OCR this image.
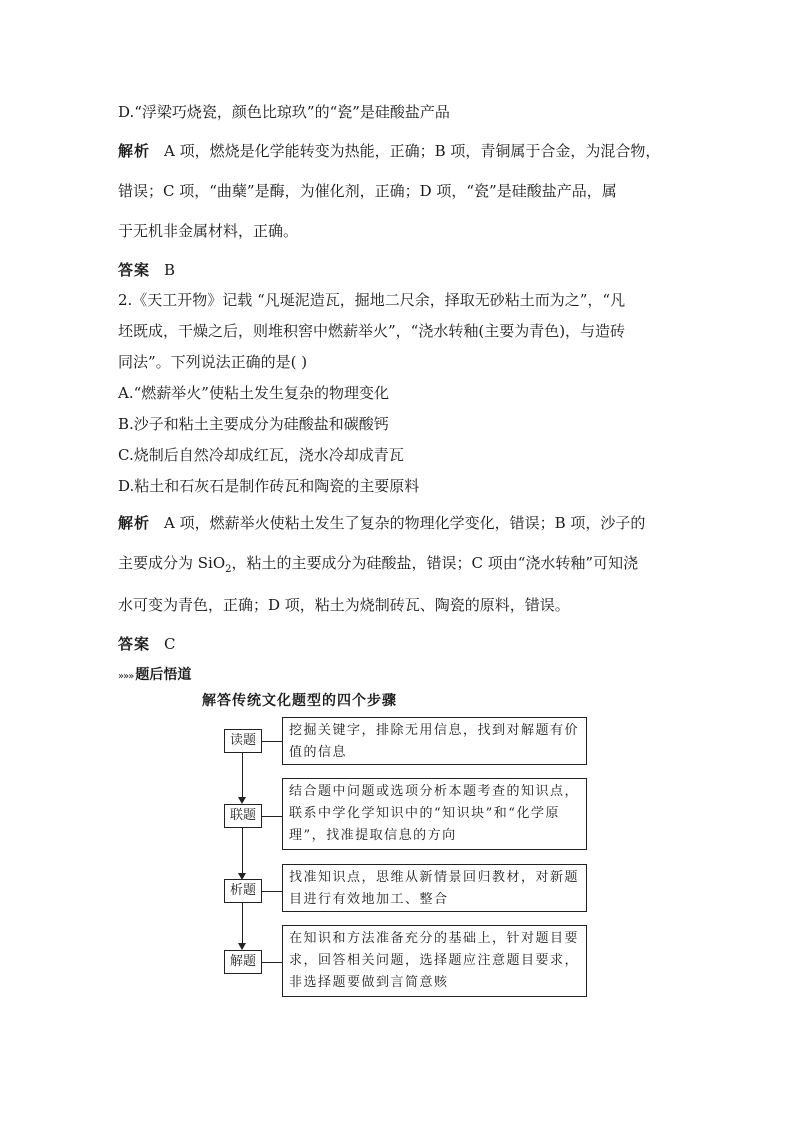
D.“浮梁巧烧瓷，颜色比琼玖”的“瓷”是硅酸盐产品
解析 A 项，燃烧是化学能转变为热能，正确；B 项，青铜属于合金，为混合物，
错误；C 项，“曲蘖”是酶，为催化剂，正确；D 项，“瓷”是硅酸盐产品，属
于无机非金属材料，正确。
答案 B
2.《天工开物》记载 “凡埏泥造瓦，掘地二尺余，择取无砂粘土而为之”，“凡
坯既成，干燥之后，则堆积窖中燃薪举火”，“浇水转釉(主要为青色)，与造砖
同法”。下列说法正确的是( )
A.“燃薪举火”使粘土发生复杂的物理变化
B.沙子和粘土主要成分为硅酸盐和碳酸钙
C.烧制后自然冷却成红瓦，浇水冷却成青瓦
D.粘土和石灰石是制作砖瓦和陶瓷的主要原料
解析 A 项，燃薪举火使粘土发生了复杂的物理化学变化，错误；B 项，沙子的
主要成分为 SiO$_2$，粘土的主要成分为硅酸盐，错误；C 项由“浇水转釉”可知浇
水可变为青色，正确；D 项，粘土为烧制砖瓦、陶瓷的原料，错误。
答案 C
»»» 题后悟道
解答传统文化题型的四个步骤
读题
挖掘关键字，排除无用信息，找到对解题有价值的信息
联题
结合题中问题或选项分析本题考查的知识点，联系中学化学知识中的“知识块”和“化学原理”，找准提取信息的方向
析题
找准知识点，思维从新情景回归教材，对新题目进行有效地加工、整合
解题
在知识和方法准备充分的基础上，针对题目要求，回答相关问题，选择题应注意题目要求，非选择题要做到言简意赅
